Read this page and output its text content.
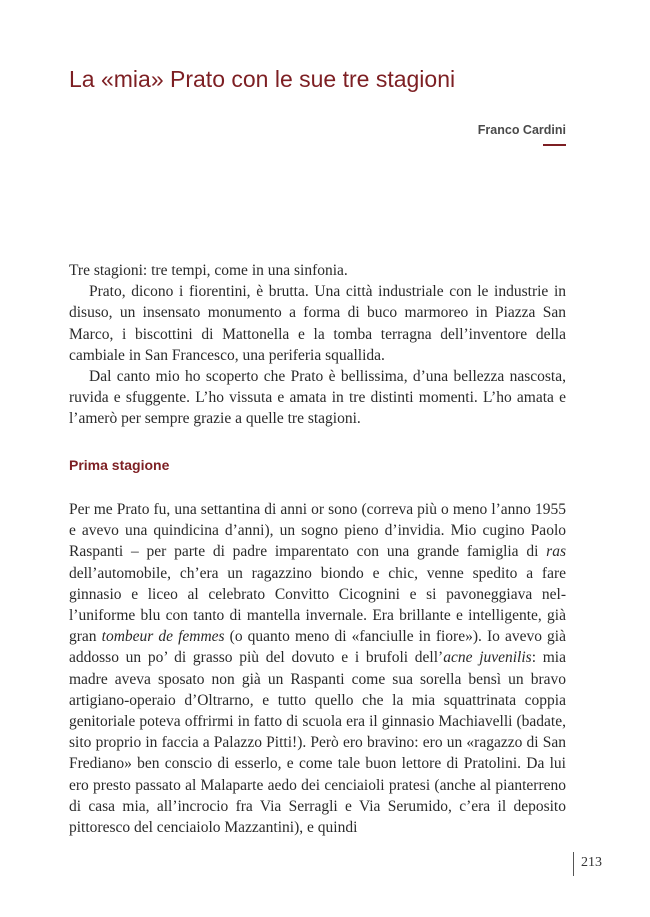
La «mia» Prato con le sue tre stagioni
Franco Cardini

Tre stagioni: tre tempi, come in una sinfonia.

Prato, dicono i fiorentini, è brutta. Una città industriale con le industrie in disuso, un insensato monumento a forma di buco marmoreo in Piazza San Marco, i biscottini di Mattonella e la tomba terragna dell’inventore della cambiale in San Francesco, una periferia squallida.

Dal canto mio ho scoperto che Prato è bellissima, d’una bellezza nascosta, ruvida e sfuggente. L’ho vissuta e amata in tre distinti momenti. L’ho amata e l’amerò per sempre grazie a quelle tre stagioni.

Prima stagione

Per me Prato fu, una settantina di anni or sono (correva più o meno l’anno 1955 e avevo una quindicina d’anni), un sogno pieno d’invidia. Mio cugino Paolo Raspanti – per parte di padre imparentato con una grande famiglia di ras dell’automobile, ch’era un ragazzino biondo e chic, venne spedito a fare ginnasio e liceo al celebrato Convitto Cicognini e si pavoneggiava nell’uniforme blu con tanto di mantella invernale. Era brillante e intelligente, già gran tombeur de femmes (o quanto meno di «fanciulle in fiore»). Io avevo già addosso un po’ di grasso più del dovuto e i brufoli dell’acne juvenilis: mia madre aveva sposato non già un Raspanti come sua sorella bensì un bravo artigiano-operaio d’Oltrarno, e tutto quello che la mia squattrinata coppia genitoriale poteva offrirmi in fatto di scuola era il ginnasio Machiavelli (badate, sito proprio in faccia a Palazzo Pitti!). Però ero bravino: ero un «ragazzo di San Frediano» ben conscio di esserlo, e come tale buon lettore di Pratolini. Da lui ero presto passato al Malaparte aedo dei cenciaioli pratesi (anche al pianterreno di casa mia, all’incrocio fra Via Serragli e Via Serumido, c’era il deposito pittoresco del cenciaiolo Mazzantini), e quindi

213
